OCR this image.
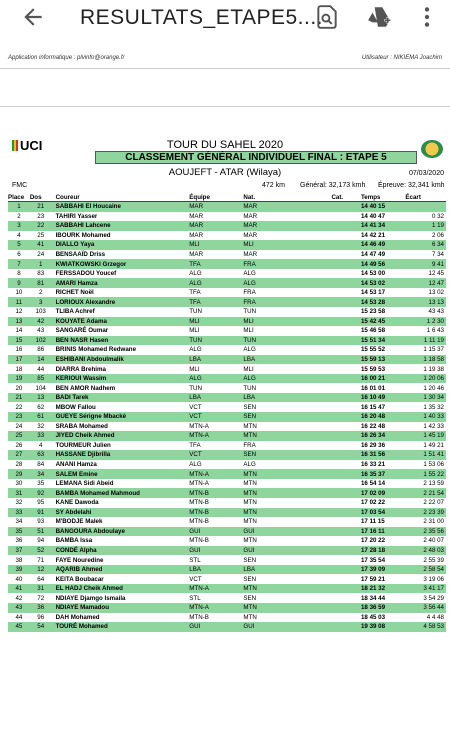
RESULTATS_ETAPE5....
Application informatique : plvinfo@orange.fr	Utilisateur : NIKIEMA Joachim
UCI	TOUR DU SAHEL 2020
CLASSEMENT GÉNÉRAL INDIVIDUEL FINAL : ETAPE 5
AOUJEFT - ATAR (Wilaya)	07/03/2020
FMC	472 km Général: 32,173 kmh Épreuve: 32,341 kmh
Place	Dos	Coureur	Équipe	Nat.	Cat.	Temps	Écart
1	21	SABBAHI El Houcaine	MAR	MAR		14 40 15	
2	23	TAHIRI Yasser	MAR	MAR		14 40 47	0 32
3	22	SABBAHI Lahcene	MAR	MAR		14 41 34	1 19
4	25	IBOURK Mohamed	MAR	MAR		14 42 21	2 06
5	41	DIALLO Yaya	MLI	MLI		14 46 49	6 34
6	24	BENSAAÏD Driss	MAR	MAR		14 47 49	7 34
7	1	KWIATKOWSKI Grzegor	TFA	FRA		14 49 56	9 41
8	83	FERSSADOU Youcef	ALG	ALG		14 53 00	12 45
9	81	AMARI Hamza	ALG	ALG		14 53 02	12 47
10	2	RICHET Noël	TFA	FRA		14 53 17	13 02
11	3	LORIOUX Alexandre	TFA	FRA		14 53 28	13 13
12	103	TLIBA Achref	TUN	TUN		15 23 58	43 43
13	42	KOUYATE Adama	MLI	MLI		15 42 45	1 2 30
14	43	SANGARÉ Oumar	MLI	MLI		15 46 58	1 6 43
15	102	BEN NASR Hasen	TUN	TUN		15 51 34	1 11 19
16	86	BRINIS Mohamed Redwane	ALG	ALG		15 55 52	1 15 37
17	14	ESHIBANI Abdoulmalik	LBA	LBA		15 59 13	1 18 58
18	44	DIARRA Brehima	MLI	MLI		15 59 53	1 19 38
19	85	KERIOUI Wassim	ALG	ALG		16 00 21	1 20 06
20	104	BEN AMOR Nadhem	TUN	TUN		16 01 01	1 20 46
21	13	BADI Tarek	LBA	LBA		16 10 49	1 30 34
22	62	MBOW Fallou	VCT	SEN		16 15 47	1 35 32
23	61	GUEYE Sérigne Mbacké	VCT	SEN		16 20 48	1 40 33
24	32	SRABA Mohamed	MTN-A	MTN		16 22 48	1 42 33
25	33	JIYED Cheik Ahmed	MTN-A	MTN		16 26 34	1 45 19
26	4	TOURMEUR Julien	TFA	FRA		16 29 36	1 49 21
27	63	HASSANE Djibrilla	VCT	SEN		16 31 56	1 51 41
28	84	ANANI Hamza	ALG	ALG		16 33 21	1 53 06
29	34	SALEM Emine	MTN-A	MTN		16 35 37	1 55 22
30	35	LEMANA Sidi Abeid	MTN-A	MTN		16 54 14	2 13 59
31	92	BAMBA Mohamed Mahmoud	MTN-B	MTN		17 02 09	2 21 54
32	95	KANE Dawoda	MTN-B	MTN		17 02 22	2 22 07
33	91	SY Abdelahi	MTN-B	MTN		17 03 54	2 23 39
34	93	M'BODJE Malek	MTN-B	MTN		17 11 15	2 31 00
35	51	BANGOURA Abdoulaye	GUI	GUI		17 16 11	2 35 56
36	94	BAMBA Issa	MTN-B	MTN		17 20 22	2 40 07
37	52	CONDÉ Alpha	GUI	GUI		17 28 18	2 48 03
38	71	FAYE Nouredine	STL	SEN		17 35 54	2 55 39
39	12	AQARIB Ahmed	LBA	LBA		17 39 09	2 58 54
40	64	KEITA Boubacar	VCT	SEN		17 59 21	3 19 06
41	31	EL HADJ Cheik Ahmed	MTN-A	MTN		18 21 32	3 41 17
42	72	NDIAYE Djamgo Ismaila	STL	SEN		18 34 44	3 54 29
43	36	NDIAYE Mamadou	MTN-A	MTN		18 36 59	3 56 44
44	96	DAH Mohamed	MTN-B	MTN		18 45 03	4 4 48
45	54	TOURÉ Mohamed	GUI	GUI		19 39 08	4 58 53
